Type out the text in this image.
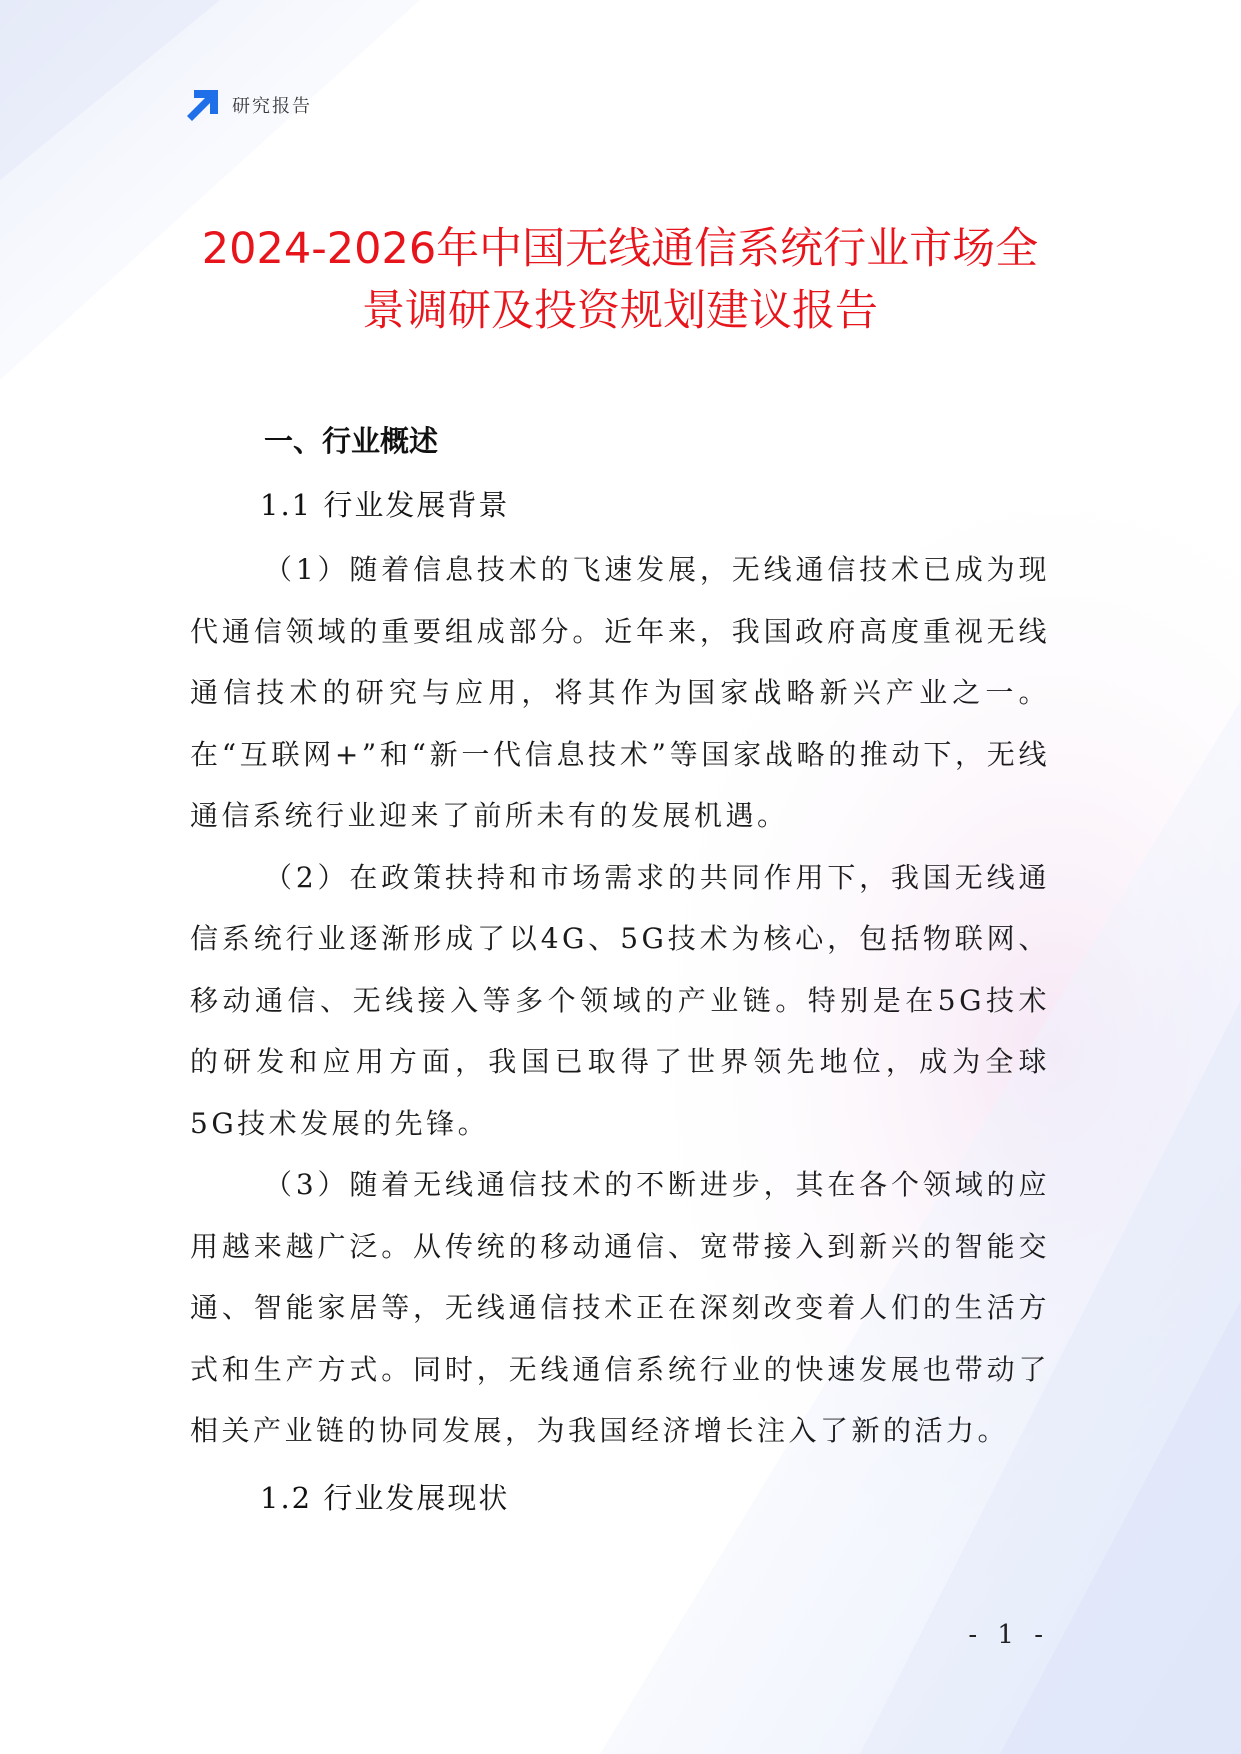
研究报告
2024-2026年中国无线通信系统行业市场全
景调研及投资规划建议报告
一、行业概述
1.1 行业发展背景

（1）随着信息技术的飞速发展，无线通信技术已成为现代通信领域的重要组成部分。近年来，我国政府高度重视无线通信技术的研究与应用，将其作为国家战略新兴产业之一。在“互联网+”和“新一代信息技术”等国家战略的推动下，无线通信系统行业迎来了前所未有的发展机遇。

（2）在政策扶持和市场需求的共同作用下，我国无线通信系统行业逐渐形成了以4G、5G技术为核心，包括物联网、移动通信、无线接入等多个领域的产业链。特别是在5G技术的研发和应用方面，我国已取得了世界领先地位，成为全球5G技术发展的先锋。

（3）随着无线通信技术的不断进步，其在各个领域的应用越来越广泛。从传统的移动通信、宽带接入到新兴的智能交通、智能家居等，无线通信技术正在深刻改变着人们的生活方式和生产方式。同时，无线通信系统行业的快速发展也带动了相关产业链的协同发展，为我国经济增长注入了新的活力。

1.2 行业发展现状
- 1 -
